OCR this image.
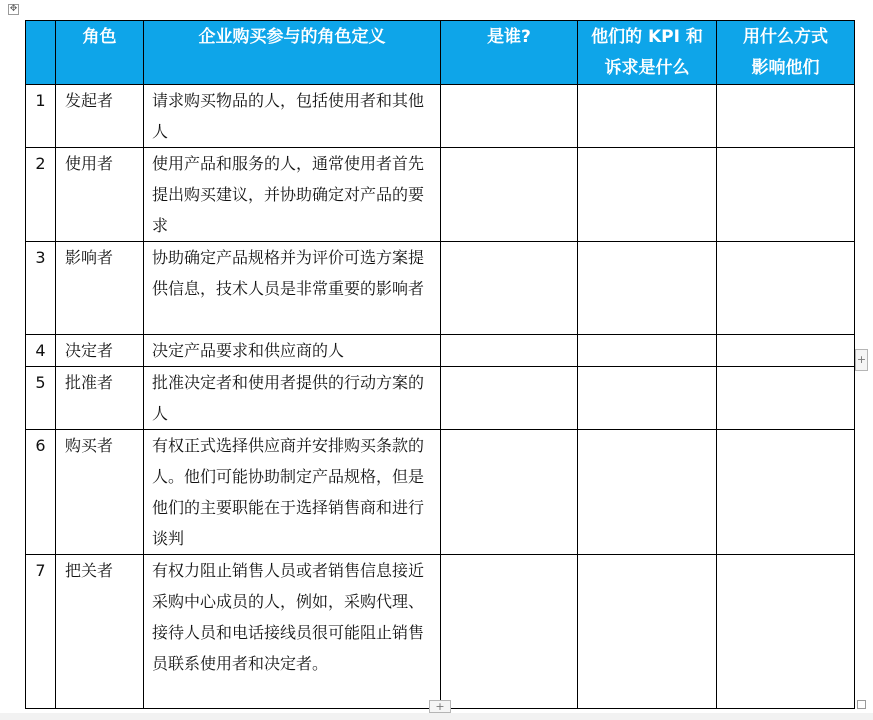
✥
	角色	企业购买参与的角色定义	是谁?	他们的 KPI 和诉求是什么	用什么方式影响他们

1	发起者	请求购买物品的人，包括使用者和其他人			
2	使用者	使用产品和服务的人，通常使用者首先提出购买建议，并协助确定对产品的要求			
3	影响者	协助确定产品规格并为评价可选方案提供信息，技术人员是非常重要的影响者			
4	决定者	决定产品要求和供应商的人			
5	批准者	批准决定者和使用者提供的行动方案的人			
6	购买者	有权正式选择供应商并安排购买条款的人。他们可能协助制定产品规格，但是他们的主要职能在于选择销售商和进行谈判			
7	把关者	有权力阻止销售人员或者销售信息接近采购中心成员的人，例如，采购代理、接待人员和电话接线员很可能阻止销售员联系使用者和决定者。			
+
+
